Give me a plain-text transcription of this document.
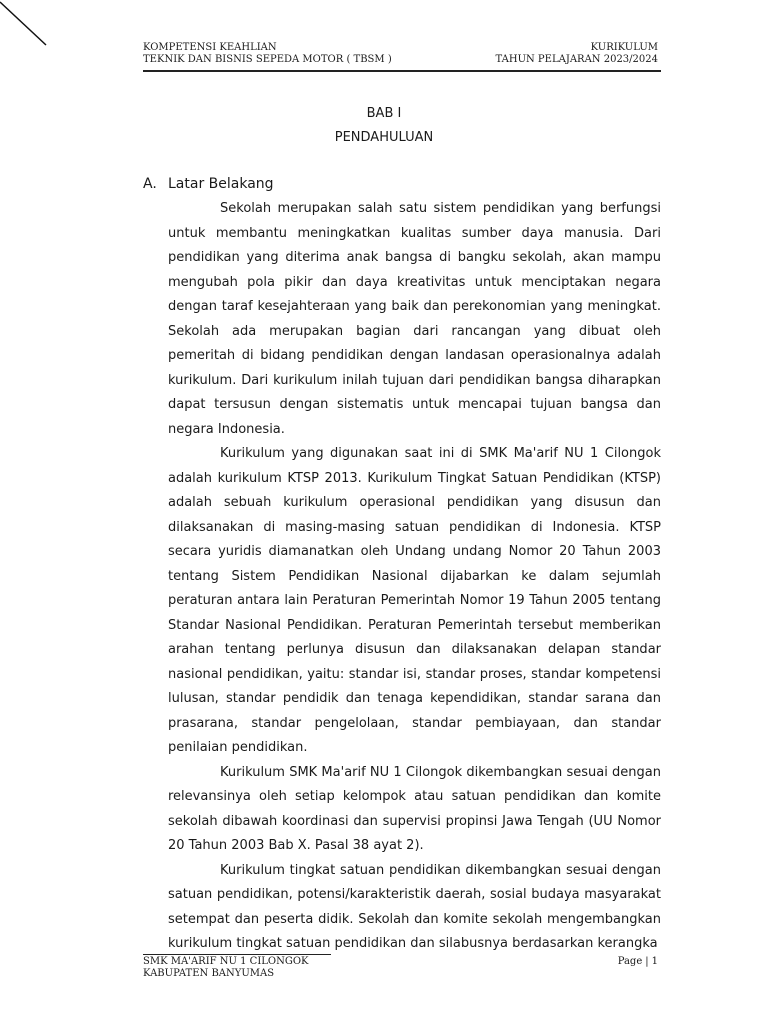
KOMPETENSI KEAHLIAN
TEKNIK DAN BISNIS SEPEDA MOTOR ( TBSM )
KURIKULUM
TAHUN PELAJARAN 2023/2024
BAB I
PENDAHULUAN
A. Latar Belakang

Sekolah merupakan salah satu sistem pendidikan yang berfungsi untuk membantu meningkatkan kualitas sumber daya manusia. Dari pendidikan yang diterima anak bangsa di bangku sekolah, akan mampu mengubah pola pikir dan daya kreativitas untuk menciptakan negara dengan taraf kesejahteraan yang baik dan perekonomian yang meningkat. Sekolah ada merupakan bagian dari rancangan yang dibuat oleh pemeritah di bidang pendidikan dengan landasan operasionalnya adalah kurikulum. Dari kurikulum inilah tujuan dari pendidikan bangsa diharapkan dapat tersusun dengan sistematis untuk mencapai tujuan bangsa dan negara Indonesia.

Kurikulum yang digunakan saat ini di SMK Ma'arif NU 1 Cilongok adalah kurikulum KTSP 2013. Kurikulum Tingkat Satuan Pendidikan (KTSP) adalah sebuah kurikulum operasional pendidikan yang disusun dan dilaksanakan di masing-masing satuan pendidikan di Indonesia. KTSP secara yuridis diamanatkan oleh Undang undang Nomor 20 Tahun 2003 tentang Sistem Pendidikan Nasional dijabarkan ke dalam sejumlah peraturan antara lain Peraturan Pemerintah Nomor 19 Tahun 2005 tentang Standar Nasional Pendidikan. Peraturan Pemerintah tersebut memberikan arahan tentang perlunya disusun dan dilaksanakan delapan standar nasional pendidikan, yaitu: standar isi, standar proses, standar kompetensi lulusan, standar pendidik dan tenaga kependidikan, standar sarana dan prasarana, standar pengelolaan, standar pembiayaan, dan standar penilaian pendidikan.

Kurikulum SMK Ma'arif NU 1 Cilongok dikembangkan sesuai dengan relevansinya oleh setiap kelompok atau satuan pendidikan dan komite sekolah dibawah koordinasi dan supervisi propinsi Jawa Tengah (UU Nomor 20 Tahun 2003 Bab X. Pasal 38 ayat 2).

Kurikulum tingkat satuan pendidikan dikembangkan sesuai dengan satuan pendidikan, potensi/karakteristik daerah, sosial budaya masyarakat setempat dan peserta didik. Sekolah dan komite sekolah mengembangkan kurikulum tingkat satuan pendidikan dan silabusnya berdasarkan kerangka

SMK MA'ARIF NU 1 CILONGOK
KABUPATEN BANYUMAS
Page | 1
